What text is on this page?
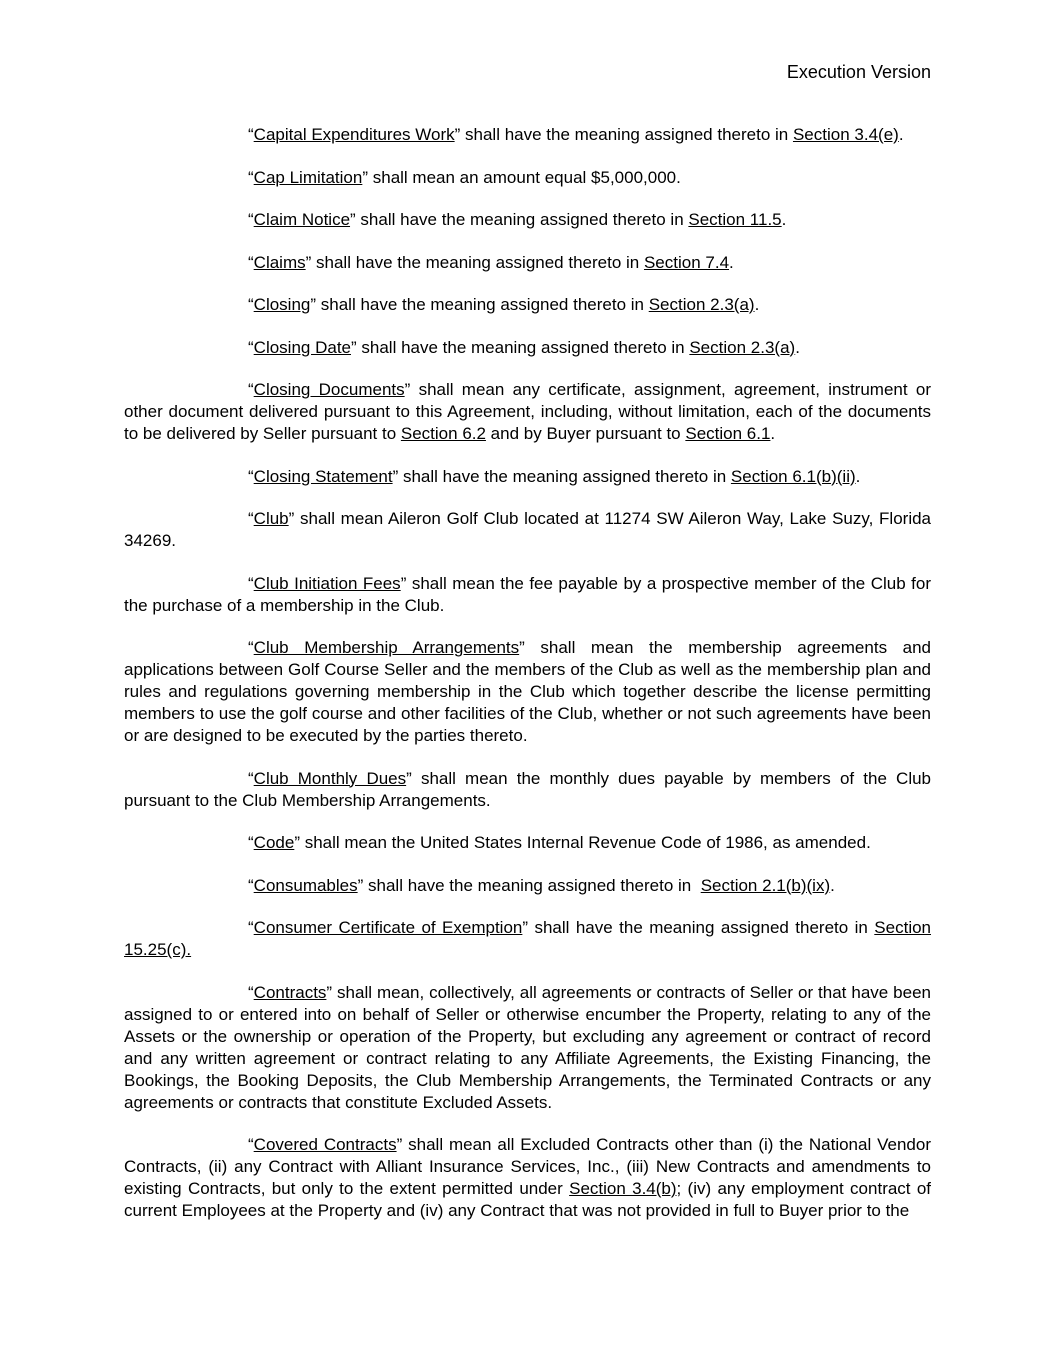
Execution Version

“Capital Expenditures Work” shall have the meaning assigned thereto in Section 3.4(e).

“Cap Limitation” shall mean an amount equal $5,000,000.

“Claim Notice” shall have the meaning assigned thereto in Section 11.5.

“Claims” shall have the meaning assigned thereto in Section 7.4.

“Closing” shall have the meaning assigned thereto in Section 2.3(a).

“Closing Date” shall have the meaning assigned thereto in Section 2.3(a).

“Closing Documents” shall mean any certificate, assignment, agreement, instrument or other document delivered pursuant to this Agreement, including, without limitation, each of the documents to be delivered by Seller pursuant to Section 6.2 and by Buyer pursuant to Section 6.1.

“Closing Statement” shall have the meaning assigned thereto in Section 6.1(b)(ii).

“Club” shall mean Aileron Golf Club located at 11274 SW Aileron Way, Lake Suzy, Florida 34269.

“Club Initiation Fees” shall mean the fee payable by a prospective member of the Club for the purchase of a membership in the Club.

“Club Membership Arrangements” shall mean the membership agreements and applications between Golf Course Seller and the members of the Club as well as the membership plan and rules and regulations governing membership in the Club which together describe the license permitting members to use the golf course and other facilities of the Club, whether or not such agreements have been or are designed to be executed by the parties thereto.

“Club Monthly Dues” shall mean the monthly dues payable by members of the Club pursuant to the Club Membership Arrangements.

“Code” shall mean the United States Internal Revenue Code of 1986, as amended.

“Consumables” shall have the meaning assigned thereto in  Section 2.1(b)(ix).

“Consumer Certificate of Exemption” shall have the meaning assigned thereto in Section 15.25(c).

“Contracts” shall mean, collectively, all agreements or contracts of Seller or that have been assigned to or entered into on behalf of Seller or otherwise encumber the Property, relating to any of the Assets or the ownership or operation of the Property, but excluding any agreement or contract of record and any written agreement or contract relating to any Affiliate Agreements, the Existing Financing, the Bookings, the Booking Deposits, the Club Membership Arrangements, the Terminated Contracts or any agreements or contracts that constitute Excluded Assets.

“Covered Contracts” shall mean all Excluded Contracts other than (i) the National Vendor Contracts, (ii) any Contract with Alliant Insurance Services, Inc., (iii) New Contracts and amendments to existing Contracts, but only to the extent permitted under Section 3.4(b); (iv) any employment contract of current Employees at the Property and (iv) any Contract that was not provided in full to Buyer prior to the
